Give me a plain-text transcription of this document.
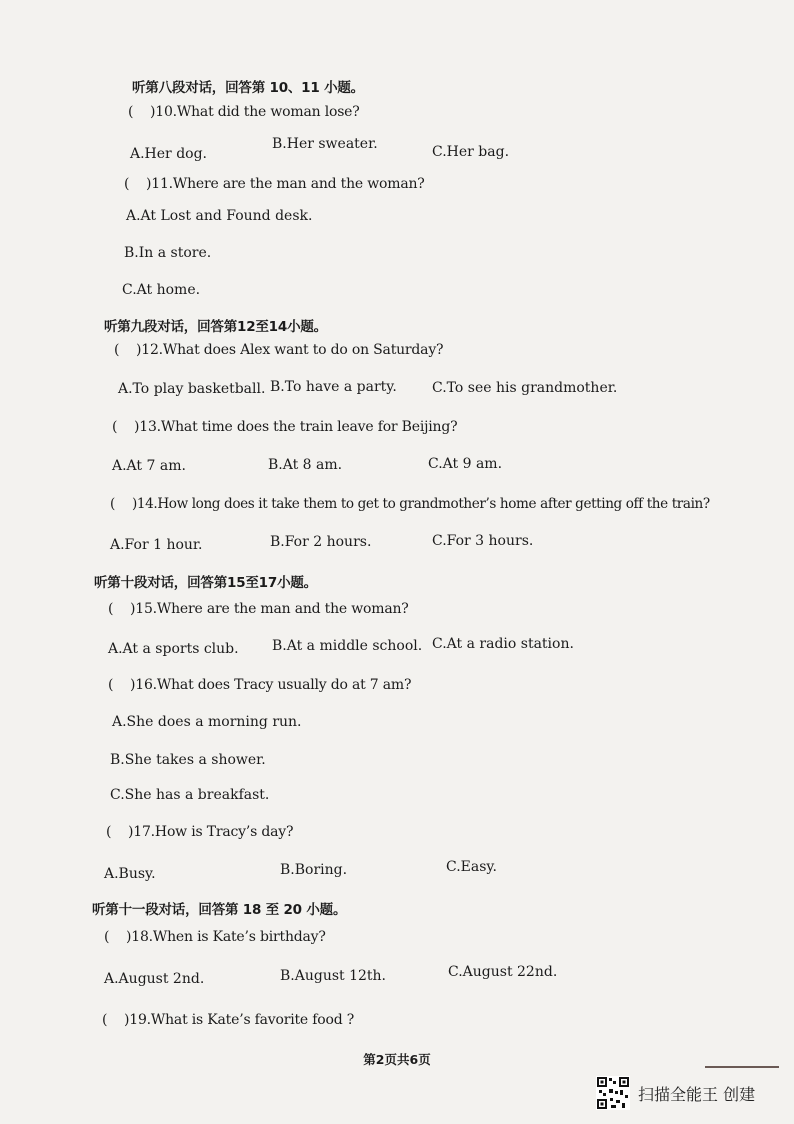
听第八段对话，回答第 10、11 小题。
( )10.What did the woman lose?
A.Her dog.
B.Her sweater.	C.Her bag.
( )11.Where are the man and the woman?
A.At Lost and Found desk.
B.In a store.
C.At home.
听第九段对话，回答第12至14小题。
( )12.What does Alex want to do on Saturday?
A.To play basketball. B.To have a party.	C.To see his grandmother.
( )13.What time does the train leave for Beijing?
A.At 7 am.	B.At 8 am.	C.At 9 am.
( )14.How long does it take them to get to grandmother’s home after getting off the train?
A.For 1 hour.	B.For 2 hours.	C.For 3 hours.
听第十段对话，回答第15至17小题。
( )15.Where are the man and the woman?
A.At a sports club. B.At a middle school. C.At a radio station.
( )16.What does Tracy usually do at 7 am?
A.She does a morning run.
B.She takes a shower.
C.She has a breakfast.
( )17.How is Tracy’s day?
A.Busy.	B.Boring.	C.Easy.
听第十一段对话，回答第 18 至 20 小题。
( )18.When is Kate’s birthday?
A.August 2nd.	B.August 12th.	C.August 22nd.
( )19.What is Kate’s favorite food ?
第2页共6页
扫描全能王 创建
